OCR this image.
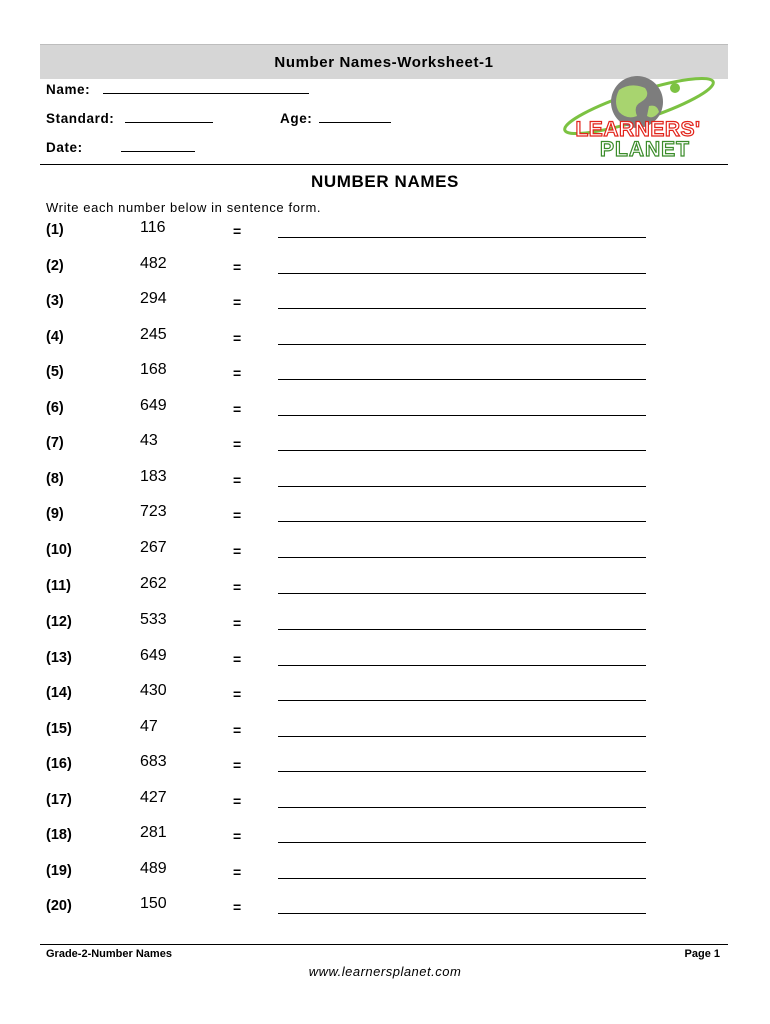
Number Names-Worksheet-1
Name:
Standard:	Age:
Date:
LEARNERS'
PLANET
NUMBER NAMES
Write each number below in sentence form.
(1)	116	=
(2)	482	=
(3)	294	=
(4)	245	=
(5)	168	=
(6)	649	=
(7)	43	=
(8)	183	=
(9)	723	=
(10)	267	=
(11)	262	=
(12)	533	=
(13)	649	=
(14)	430	=
(15)	47	=
(16)	683	=
(17)	427	=
(18)	281	=
(19)	489	=
(20)	150	=
Grade-2-Number Names	Page 1
www.learnersplanet.com
